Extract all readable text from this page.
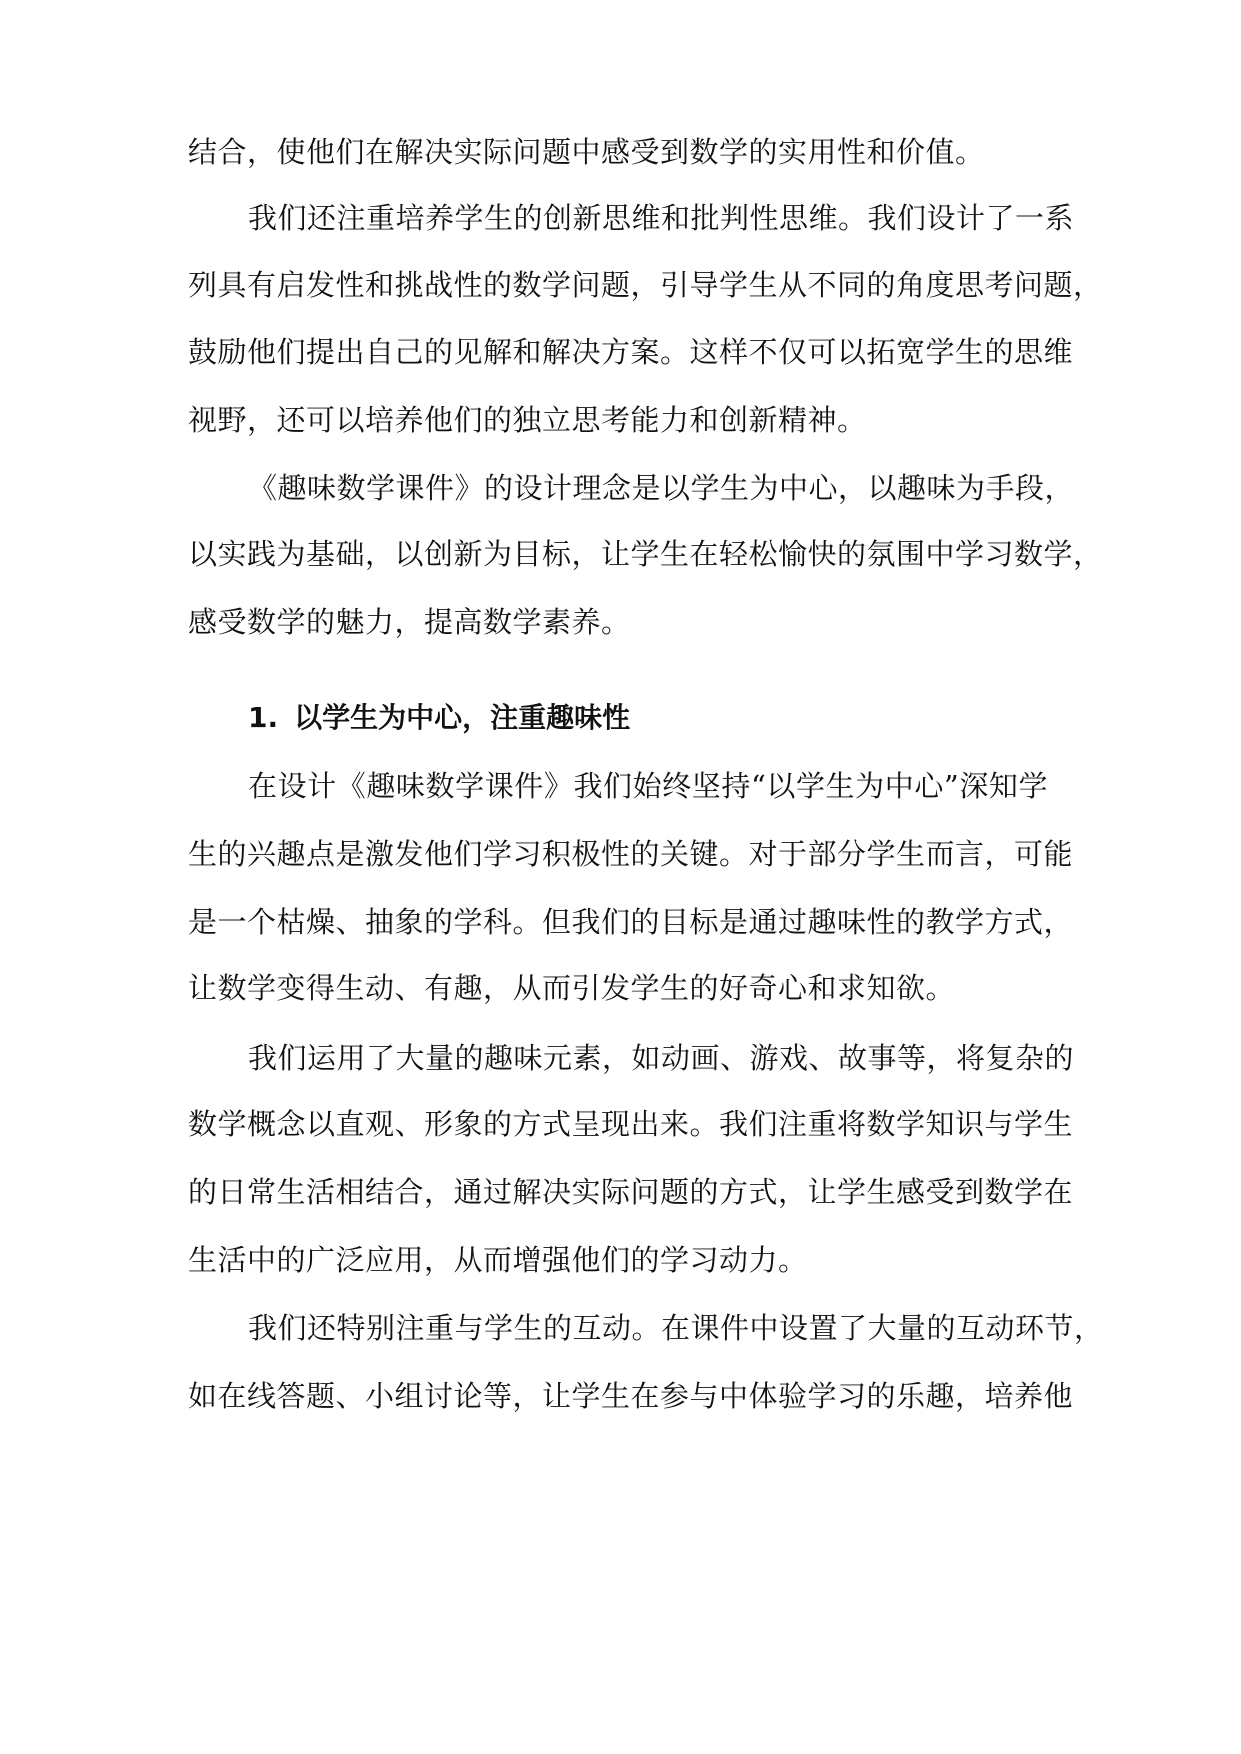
结合，使他们在解决实际问题中感受到数学的实用性和价值。
我们还注重培养学生的创新思维和批判性思维。我们设计了一系
列具有启发性和挑战性的数学问题，引导学生从不同的角度思考问题，
鼓励他们提出自己的见解和解决方案。这样不仅可以拓宽学生的思维
视野，还可以培养他们的独立思考能力和创新精神。
《趣味数学课件》的设计理念是以学生为中心，以趣味为手段，
以实践为基础，以创新为目标，让学生在轻松愉快的氛围中学习数学，
感受数学的魅力，提高数学素养。
1. 以学生为中心，注重趣味性
在设计《趣味数学课件》我们始终坚持“以学生为中心”深知学
生的兴趣点是激发他们学习积极性的关键。对于部分学生而言，可能
是一个枯燥、抽象的学科。但我们的目标是通过趣味性的教学方式，
让数学变得生动、有趣，从而引发学生的好奇心和求知欲。
我们运用了大量的趣味元素，如动画、游戏、故事等，将复杂的
数学概念以直观、形象的方式呈现出来。我们注重将数学知识与学生
的日常生活相结合，通过解决实际问题的方式，让学生感受到数学在
生活中的广泛应用，从而增强他们的学习动力。
我们还特别注重与学生的互动。在课件中设置了大量的互动环节，
如在线答题、小组讨论等，让学生在参与中体验学习的乐趣，培养他
